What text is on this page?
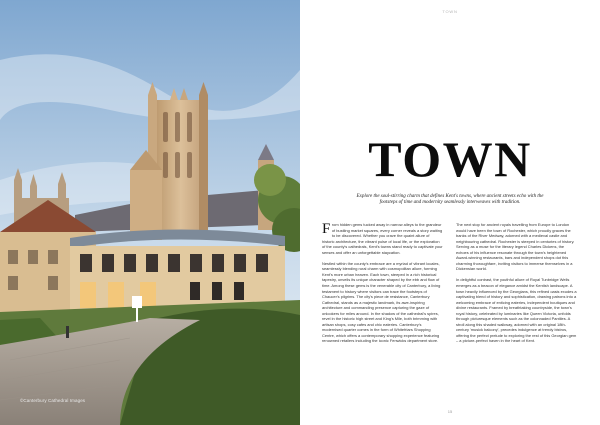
©Canterbury Cathedral Images
TOWN
TOWN
Explore the soul-stirring charm that defines Kent's towns, where ancient streets echo with the footsteps of time and modernity seamlessly interweaves with tradition.

From hidden gems tucked away in narrow alleys to the grandeur of bustling market squares, every corner reveals a story waiting to be discovered. Whether you crave the quaint allure of historic architecture, the vibrant pulse of local life, or the exploration of the county's cathedrals, Kent's towns stand ready to captivate your senses and offer an unforgettable staycation.

Nestled within the county's embrace are a myriad of vibrant locales, seamlessly blending rural charm with cosmopolitan allure, forming Kent's more urban heaven. Each town, steeped in a rich historical tapestry, unveils its unique character shaped by the ebb and flow of time. Among these gems is the venerable city of Canterbury, a living testament to history where visitors can trace the footsteps of Chaucer's pilgrims. The city's piece de resistance, Canterbury Cathedral, stands as a majestic landmark, its awe-inspiring architecture and commanding presence capturing the gaze of onlookers for miles around. In the shadow of the cathedral's spires, revel in the historic high street and King's Mile, both brimming with artisan shops, cosy cafes and chic eateries. Canterbury's modernised quarter comes in the form of Whitefriars Shopping Centre, which offers a contemporary shopping experience featuring renowned retailers including the iconic Fenwicks department store.

The next stop for ancient royals travelling from Europe to London would have been the town of Rochester, which proudly graces the banks of the River Medway, adorned with a medieval castle and neighbouring cathedral. Rochester is steeped in centuries of history. Serving as a muse for the literary legend Charles Dickens, the echoes of his influence resonate through the town's heightened Award-winning restaurants, bars and independent shops dot this charming thoroughfare, inviting visitors to immerse themselves in a Dickensian world.

In delightful contrast, the youthful allure of Royal Tunbridge Wells emerges as a beacon of elegance amidst the Kentish landscape. A town heavily influenced by the Georgians, this refined oasis exudes a captivating blend of history and sophistication, drawing patrons into a welcoming embrace of enticing eateries, independent boutiques and divine restaurants. Framed by breathtaking countryside, the town's royal history, celebrated by luminaries like Queen Victoria, unfolds through picturesque elements such as the colonnaded Pantiles. A stroll along this shaded walkway, adorned with an original 18th-century 'musick balcony', precedes indulgence at trendy bistros, offering the perfect prelude to exploring the rest of this Georgian gem – a picture-perfect haven in the heart of Kent.

15
